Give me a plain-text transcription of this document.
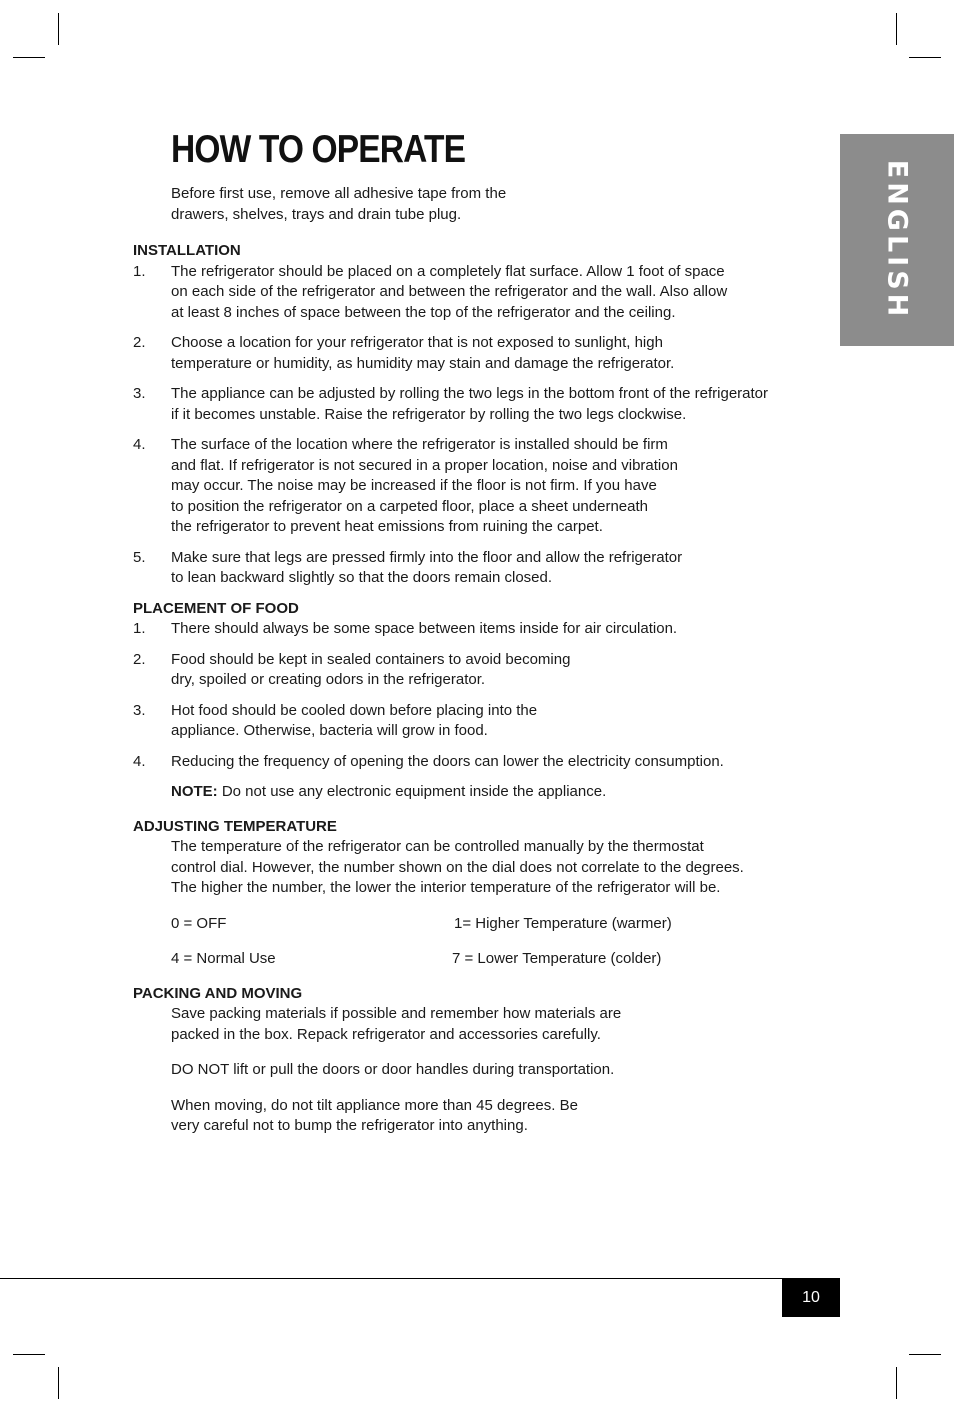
ENGLISH
HOW TO OPERATE

Before first use, remove all adhesive tape from the
drawers, shelves, trays and drain tube plug.

INSTALLATION
1. The refrigerator should be placed on a completely flat surface. Allow 1 foot of space
on each side of the refrigerator and between the refrigerator and the wall. Also allow
at least 8 inches of space between the top of the refrigerator and the ceiling.
2. Choose a location for your refrigerator that is not exposed to sunlight, high
temperature or humidity, as humidity may stain and damage the refrigerator.
3. The appliance can be adjusted by rolling the two legs in the bottom front of the refrigerator
if it becomes unstable. Raise the refrigerator by rolling the two legs clockwise.
4. The surface of the location where the refrigerator is installed should be firm
and flat. If refrigerator is not secured in a proper location, noise and vibration
may occur. The noise may be increased if the floor is not firm. If you have
to position the refrigerator on a carpeted floor, place a sheet underneath
the refrigerator to prevent heat emissions from ruining the carpet.
5. Make sure that legs are pressed firmly into the floor and allow the refrigerator
to lean backward slightly so that the doors remain closed.
PLACEMENT OF FOOD
1. There should always be some space between items inside for air circulation.
2. Food should be kept in sealed containers to avoid becoming
dry, spoiled or creating odors in the refrigerator.
3. Hot food should be cooled down before placing into the
appliance. Otherwise, bacteria will grow in food.
4. Reducing the frequency of opening the doors can lower the electricity consumption.

NOTE: Do not use any electronic equipment inside the appliance.

ADJUSTING TEMPERATURE

The temperature of the refrigerator can be controlled manually by the thermostat
control dial. However, the number shown on the dial does not correlate to the degrees.
The higher the number, the lower the interior temperature of the refrigerator will be.

0 = OFF	1= Higher Temperature (warmer)
4 = Normal Use	7 = Lower Temperature (colder)
PACKING AND MOVING

Save packing materials if possible and remember how materials are
packed in the box. Repack refrigerator and accessories carefully.

DO NOT lift or pull the doors or door handles during transportation.

When moving, do not tilt appliance more than 45 degrees. Be
very careful not to bump the refrigerator into anything.

10
